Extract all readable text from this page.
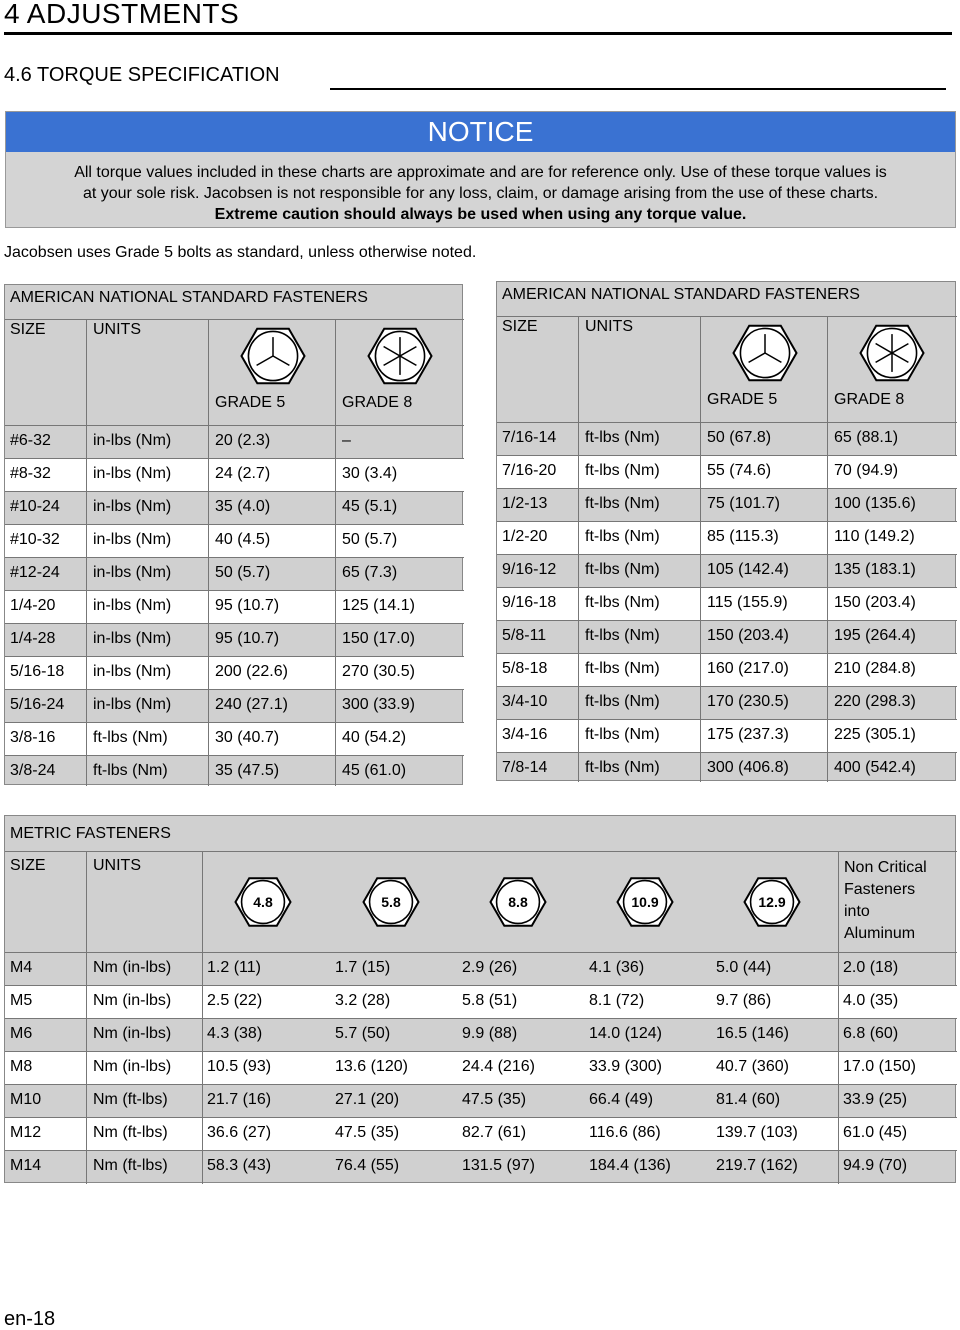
4 ADJUSTMENTS
4.6 TORQUE SPECIFICATION
NOTICE
All torque values included in these charts are approximate and are for reference only. Use of these torque values is
at your sole risk. Jacobsen is not responsible for any loss, claim, or damage arising from the use of these charts.
Extreme caution should always be used when using any torque value.
Jacobsen uses Grade 5 bolts as standard, unless otherwise noted.
AMERICAN NATIONAL STANDARD FASTENERS
SIZE	UNITS
GRADE 5	GRADE 8
#6-32	in-lbs (Nm)	20 (2.3)	–
#8-32	in-lbs (Nm)	24 (2.7)	30 (3.4)
#10-24 in-lbs (Nm)	35 (4.0)	45 (5.1)
#10-32 in-lbs (Nm)	40 (4.5)	50 (5.7)
#12-24 in-lbs (Nm)	50 (5.7)	65 (7.3)
1/4-20 in-lbs (Nm)	95 (10.7)	125 (14.1)
1/4-28 in-lbs (Nm)	95 (10.7)	150 (17.0)
5/16-18 in-lbs (Nm)	200 (22.6)	270 (30.5)
5/16-24 in-lbs (Nm)	240 (27.1)	300 (33.9)
3/8-16 ft-lbs (Nm)	30 (40.7)	40 (54.2)
3/8-24 ft-lbs (Nm)	35 (47.5)	45 (61.0)
AMERICAN NATIONAL STANDARD FASTENERS
SIZE	UNITS
GRADE 5	GRADE 8
7/16-14 ft-lbs (Nm)	50 (67.8)	65 (88.1)
7/16-20 ft-lbs (Nm)	55 (74.6)	70 (94.9)
1/2-13 ft-lbs (Nm)	75 (101.7)	100 (135.6)
1/2-20 ft-lbs (Nm)	85 (115.3)	110 (149.2)
9/16-12 ft-lbs (Nm)	105 (142.4)	135 (183.1)
9/16-18 ft-lbs (Nm)	115 (155.9)	150 (203.4)
5/8-11 ft-lbs (Nm)	150 (203.4)	195 (264.4)
5/8-18 ft-lbs (Nm)	160 (217.0)	210 (284.8)
3/4-10 ft-lbs (Nm)	170 (230.5)	220 (298.3)
3/4-16 ft-lbs (Nm)	175 (237.3)	225 (305.1)
7/8-14 ft-lbs (Nm)	300 (406.8)	400 (542.4)
METRIC FASTENERS
SIZE	UNITS	Non Critical
Fasteners
into
Aluminum
4.8	5.8	8.8	10.9	12.9
M4	Nm (in-lbs) 1.2 (11)	1.7 (15)	2.9 (26)	4.1 (36)	5.0 (44)	2.0 (18)
M5	Nm (in-lbs) 2.5 (22)	3.2 (28)	5.8 (51)	8.1 (72)	9.7 (86)	4.0 (35)
M6	Nm (in-lbs) 4.3 (38)	5.7 (50)	9.9 (88)	14.0 (124)	16.5 (146)	6.8 (60)
M8	Nm (in-lbs) 10.5 (93)	13.6 (120)	24.4 (216)	33.9 (300)	40.7 (360)	17.0 (150)
M10	Nm (ft-lbs) 21.7 (16)	27.1 (20)	47.5 (35)	66.4 (49)	81.4 (60)	33.9 (25)
M12	Nm (ft-lbs) 36.6 (27)	47.5 (35)	82.7 (61)	116.6 (86)	139.7 (103)	61.0 (45)
M14	Nm (ft-lbs) 58.3 (43)	76.4 (55)	131.5 (97)	184.4 (136)	219.7 (162)	94.9 (70)
en-18
